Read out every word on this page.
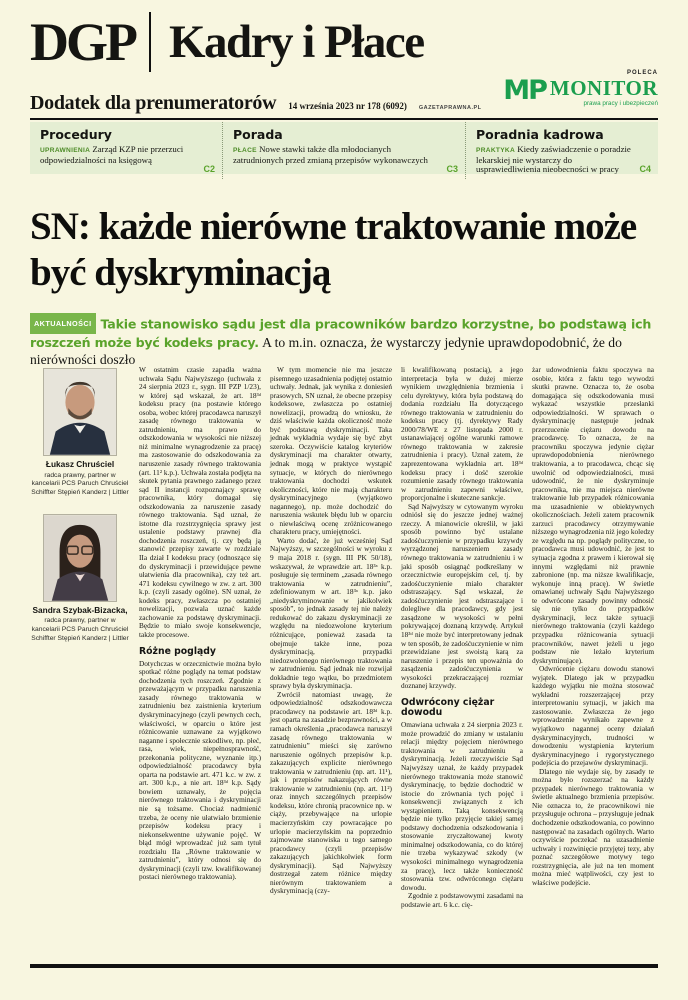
DGP Kadry i Płace
Dodatek dla prenumeratorów 14 września 2023 nr 178 (6092) GAZETAPRAWNA.PL
POLECA
MP MONITOR
prawa pracy i ubezpieczeń
Procedury
UPRAWNIENIA Zarząd KZP nie przerzuci odpowiedzialności na księgową
C2
Porada
PŁACE Nowe stawki także dla młodocianych zatrudnionych przed zmianą przepisów wykonawczych
C3
Poradnia kadrowa
PRAKTYKA Kiedy zaświadczenie o poradzie lekarskiej nie wystarczy do usprawiedliwienia nieobecności w pracy	C4
SN: każde nierówne traktowanie może być dyskryminacją
AKTUALNOŚCI Takie stanowisko sądu jest dla pracowników bardzo korzystne, bo podstawą ich roszczeń może być kodeks pracy. A to m.in. oznacza, że wystarczy jedynie uprawdopodobnić, że do nierówności doszło
Łukasz Chruściel
radca prawny, partner w kancelarii PCS Paruch Chruściel Schiffter Stępień Kanderz | Littler
Sandra Szybak-Bizacka,
radca prawny, partner w kancelarii PCS Paruch Chruściel Schiffter Stępień Kanderz | Littler

W ostatnim czasie zapadła ważna uchwała Sądu Najwyższego (uchwała z 24 sierpnia 2023 r., sygn. III PZP 1/23), w której sąd wskazał, że art. 18³ᵈ kodeksu pracy (na postawie którego osoba, wobec której pracodawca naruszył zasadę równego traktowania w zatrudnieniu, ma prawo do odszkodowania w wysokości nie niższej niż minimalne wynagrodzenie za pracę) ma zastosowanie do odszkodowania za naruszenie zasady równego traktowania (art. 11² k.p.). Uchwała została podjęta na skutek pytania prawnego zadanego przez sąd II instancji rozpoznający sprawę pracownika, który domagał się odszkodowania za naruszenie zasady równego traktowania. Sąd uznał, że istotne dla rozstrzygnięcia sprawy jest ustalenie podstawy prawnej dla dochodzenia roszczeń, tj. czy będą ją stanowić przepisy zawarte w rozdziale IIa dział I kodeksu pracy (odnoszące się do dyskryminacji i przewidujące pewne ułatwienia dla pracownika), czy też art. 471 kodeksu cywilnego w zw. z art. 300 k.p. (czyli zasady ogólne). SN uznał, że kodeks pracy, zwłaszcza po ostatniej nowelizacji, pozwala uznać każde zachowanie za podstawę dyskryminacji. Będzie to miało swoje konsekwencje, także procesowe.

Różne poglądy

Dotychczas w orzecznictwie można było spotkać różne poglądy na temat podstaw dochodzenia tych roszczeń. Zgodnie z przeważającym w przypadku naruszenia zasady równego traktowania w zatrudnieniu bez zaistnienia kryterium dyskryminacyjnego (czyli pewnych cech, właściwości, w oparciu o które jest różnicowanie uznawane za wyjątkowo naganne i społecznie szkodliwe, np. płeć, rasa, wiek, niepełnosprawność, przekonania polityczne, wyznanie itp.) odpowiedzialność pracodawcy była oparta na podstawie art. 471 k.c. w zw. z art. 300 k.p., a nie art. 18³ᵈ k.p. Sądy bowiem uznawały, że pojęcia nierównego traktowania i dyskryminacji nie są tożsame. Chociaż nadmienić trzeba, że oceny nie ułatwiało brzmienie przepisów kodeksu pracy i niekonsekwentne używanie pojęć. W błąd mógł wprowadzać już sam tytuł rozdziału IIa „Równe traktowanie w zatrudnieniu”, który odnosi się do dyskryminacji (czyli tzw. kwalifikowanej postaci nierównego traktowania).

W tym momencie nie ma jeszcze pisemnego uzasadnienia podjętej ostatnio uchwały. Jednak, jak wynika z doniesień prasowych, SN uznał, że obecne przepisy kodeksowe, zwłaszcza po ostatniej nowelizacji, prowadzą do wniosku, że dziś właściwie każda okoliczność może być podstawą dyskryminacji. Taka jednak wykładnia wydaje się być zbyt szeroka. Oczywiście katalog kryteriów dyskryminacji ma charakter otwarty, jednak mogą w praktyce wystąpić sytuacje, w których do nierównego traktowania dochodzi wskutek okoliczności, które nie mają charakteru dyskryminacyjnego (wyjątkowo nagannego), np. może dochodzić do naruszenia wskutek błędu lub w oparciu o niewłaściwą ocenę zróżnicowanego charakteru pracy, umiejętności.

Warto dodać, że już wcześniej Sąd Najwyższy, w szczególności w wyroku z 9 maja 2018 r. (sygn. III PK 50/18), wskazywał, że wprawdzie art. 18³ᵃ k.p. posługuje się terminem „zasada równego traktowania w zatrudnieniu”, zdefiniowanym w art. 18³ᵃ k.p. jako „niedyskryminowanie w jakikolwiek sposób”, to jednak zasady tej nie należy redukować do zakazu dyskryminacji ze względu na niedozwolone kryterium różnicujące, ponieważ zasada ta obejmuje także inne, poza dyskryminacją, przypadki niedozwolonego nierównego traktowania w zatrudnieniu. Sąd jednak nie rozwijał dokładnie tego wątku, bo przedmiotem sprawy była dyskryminacja.

Zwrócił natomiast uwagę, że odpowiedzialność odszkodowawcza pracodawcy na podstawie art. 18³ᵈ k.p. jest oparta na zasadzie bezprawności, a w ramach określenia „pracodawca naruszył zasadę równego traktowania w zatrudnieniu” mieści się zarówno naruszenie ogólnych przepisów k.p. zakazujących explicite nierównego traktowania w zatrudnieniu (np. art. 11¹), jak i przepisów nakazujących równe traktowanie w zatrudnieniu (np. art. 11²) oraz innych szczególnych przepisów kodeksu, które chronią pracownice np. w ciąży, przebywające na urlopie macierzyńskim czy powracające po urlopie macierzyńskim na poprzednio zajmowane stanowiska u tego samego pracodawcy (czyli przepisów zakazujących jakichkolwiek form dyskryminacji). Sąd Najwyższy dostrzegał zatem różnice między nierównym traktowaniem a dyskryminacją (czy-

li kwalifikowaną postacią), a jego interpretacja była w dużej mierze wynikiem uwzględnienia brzmienia i celu dyrektywy, która była podstawą do dodania rozdziału IIa dotyczącego równego traktowania w zatrudnieniu do kodeksu pracy (tj. dyrektywy Rady 2000/78/WE z 27 listopada 2000 r. ustanawiającej ogólne warunki ramowe równego traktowania w zakresie zatrudnienia i pracy). Uznał zatem, że zaprezentowana wykładnia art. 18³ᵈ kodeksu pracy i dość szerokie rozumienie zasady równego traktowania w zatrudnieniu zapewni właściwe, proporcjonalne i skuteczne sankcje.

Sąd Najwyższy w cytowanym wyroku odniósł się do jeszcze jednej ważnej rzeczy. A mianowicie określił, w jaki sposób powinno być ustalane zadośćuczynienie w przypadku krzywdy wyrządzonej naruszeniem zasady równego traktowania w zatrudnieniu i w jaki sposób osiągnąć podkreślany w orzecznictwie europejskim cel, tj. by zadośćuczynienie miało charakter odstraszający. Sąd wskazał, że zadośćuczynienie jest odstraszające i dolegliwe dla pracodawcy, gdy jest zasądzone w wysokości w pełni pokrywającej doznaną krzywdę. Artykuł 18³ᵈ nie może być interpretowany jednak w ten sposób, że zadośćuczynienie w nim przewidziane jest swoistą karą za naruszenie i przepis ten upoważnia do zasądzenia zadośćuczynienia w wysokości przekraczającej rozmiar doznanej krzywdy.

Odwrócony ciężar dowodu

Omawiana uchwała z 24 sierpnia 2023 r. może prowadzić do zmiany w ustalaniu relacji między pojęciem nierównego traktowania w zatrudnieniu a dyskryminacją. Jeżeli rzeczywiście Sąd Najwyższy uznał, że każdy przypadek nierównego traktowania może stanowić dyskryminację, to będzie dochodzić w istocie do zrównania tych pojęć i konsekwencji związanych z ich wystąpieniem. Taką konsekwencją będzie nie tylko przyjęcie takiej samej podstawy dochodzenia odszkodowania i stosowanie zryczałtowanej kwoty minimalnej odszkodowania, co do której nie trzeba wykazywać szkody (w wysokości minimalnego wynagrodzenia za pracę), lecz także konieczność stosowania tzw. odwróconego ciężaru dowodu.

Zgodnie z podstawowymi zasadami na podstawie art. 6 k.c. cię-

żar udowodnienia faktu spoczywa na osobie, która z faktu tego wywodzi skutki prawne. Oznacza to, że osoba domagająca się odszkodowania musi wykazać wszystkie przesłanki odpowiedzialności. W sprawach o dyskryminację następuje jednak przerzucenie ciężaru dowodu na pracodawcę. To oznacza, że na pracowniku spoczywa jedynie ciężar uprawdopodobnienia nierównego traktowania, a to pracodawca, chcąc się uwolnić od odpowiedzialności, musi udowodnić, że nie dyskryminuje pracownika, nie ma miejsca nierówne traktowanie lub przypadek różnicowania ma uzasadnienie w obiektywnych okolicznościach. Jeżeli zatem pracownik zarzuci pracodawcy otrzymywanie niższego wynagrodzenia niż jego koledzy ze względu na np. poglądy polityczne, to pracodawca musi udowodnić, że jest to sytuacja zgodna z prawem i kierował się innymi względami niż prawnie zabronione (np. ma niższe kwalifikacje, wykonuje inną pracę). W świetle omawianej uchwały Sądu Najwyższego te odwrócone zasady powinny odnosić się nie tylko do przypadków dyskryminacji, lecz także sytuacji nierównego traktowania (czyli każdego przypadku różnicowania sytuacji pracowników, nawet jeżeli u jego podstaw nie leżało kryterium dyskryminujące).

Odwrócenie ciężaru dowodu stanowi wyjątek. Dlatego jak w przypadku każdego wyjątku nie można stosować wykładni rozszerzającej przy interpretowaniu sytuacji, w jakich ma zastosowanie. Zwłaszcza że jego wprowadzenie wynikało zapewne z wyjątkowo nagannej oceny działań dyskryminacyjnych, trudności w dowodzeniu wystąpienia kryterium dyskryminacyjnego i rygorystycznego podejścia do przejawów dyskryminacji.

Dlatego nie wydaje się, by zasady te można było rozszerzać na każdy przypadek nierównego traktowania w świetle aktualnego brzmienia przepisów. Nie oznacza to, że pracownikowi nie przysługuje ochrona – przysługuje jednak dochodzenie odszkodowania, co powinno następować na zasadach ogólnych. Warto oczywiście poczekać na uzasadnienie uchwały i rozwinięcie przyjętej tezy, aby poznać szczegółowe motywy tego rozstrzygnięcia, ale już na ten moment można mieć wątpliwości, czy jest to właściwe podejście.
